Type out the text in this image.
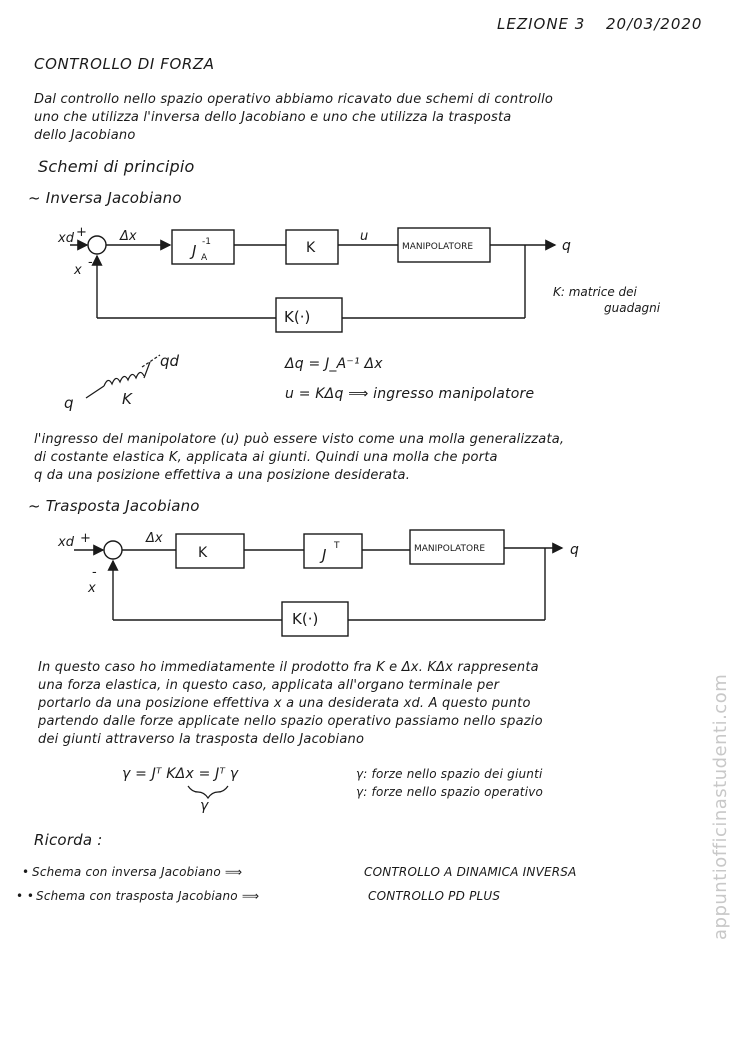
LEZIONE 3 20/03/2020
CONTROLLO DI FORZA
Dal controllo nello spazio operativo abbiamo ricavato due schemi di controllo
uno che utilizza l'inversa dello Jacobiano e uno che utilizza la trasposta
dello Jacobiano
Schemi di principio
~ Inversa Jacobiano
xd +
-
x
Δx
J -1
A
K
u
MANIPOLATORE	q
K(·)
K: matrice dei
guadagni
q
qd
K
Δq = J_A⁻¹ Δx
u = KΔq ⟹ ingresso manipolatore
l'ingresso del manipolatore (u) può essere visto come una molla generalizzata,
di costante elastica K, applicata ai giunti. Quindi una molla che porta
q da una posizione effettiva a una posizione desiderata.
~ Trasposta Jacobiano
xd +
-
x
Δx
K	J T	MANIPOLATORE	q
K(·)
In questo caso ho immediatamente il prodotto fra K e Δx. KΔx rappresenta
una forza elastica, in questo caso, applicata all'organo terminale per
portarlo da una posizione effettiva x a una desiderata xd. A questo punto
partendo dalle forze applicate nello spazio operativo passiamo nello spazio
dei giunti attraverso la trasposta dello Jacobiano
γ = Jᵀ KΔx = Jᵀ γ
γ
γ: forze nello spazio dei giunti
γ: forze nello spazio operativo
Ricorda :
• Schema con inversa Jacobiano ⟹	CONTROLLO A DINAMICA INVERSA
• • Schema con trasposta Jacobiano ⟹	CONTROLLO PD PLUS	appuntiofficinastudenti.com
